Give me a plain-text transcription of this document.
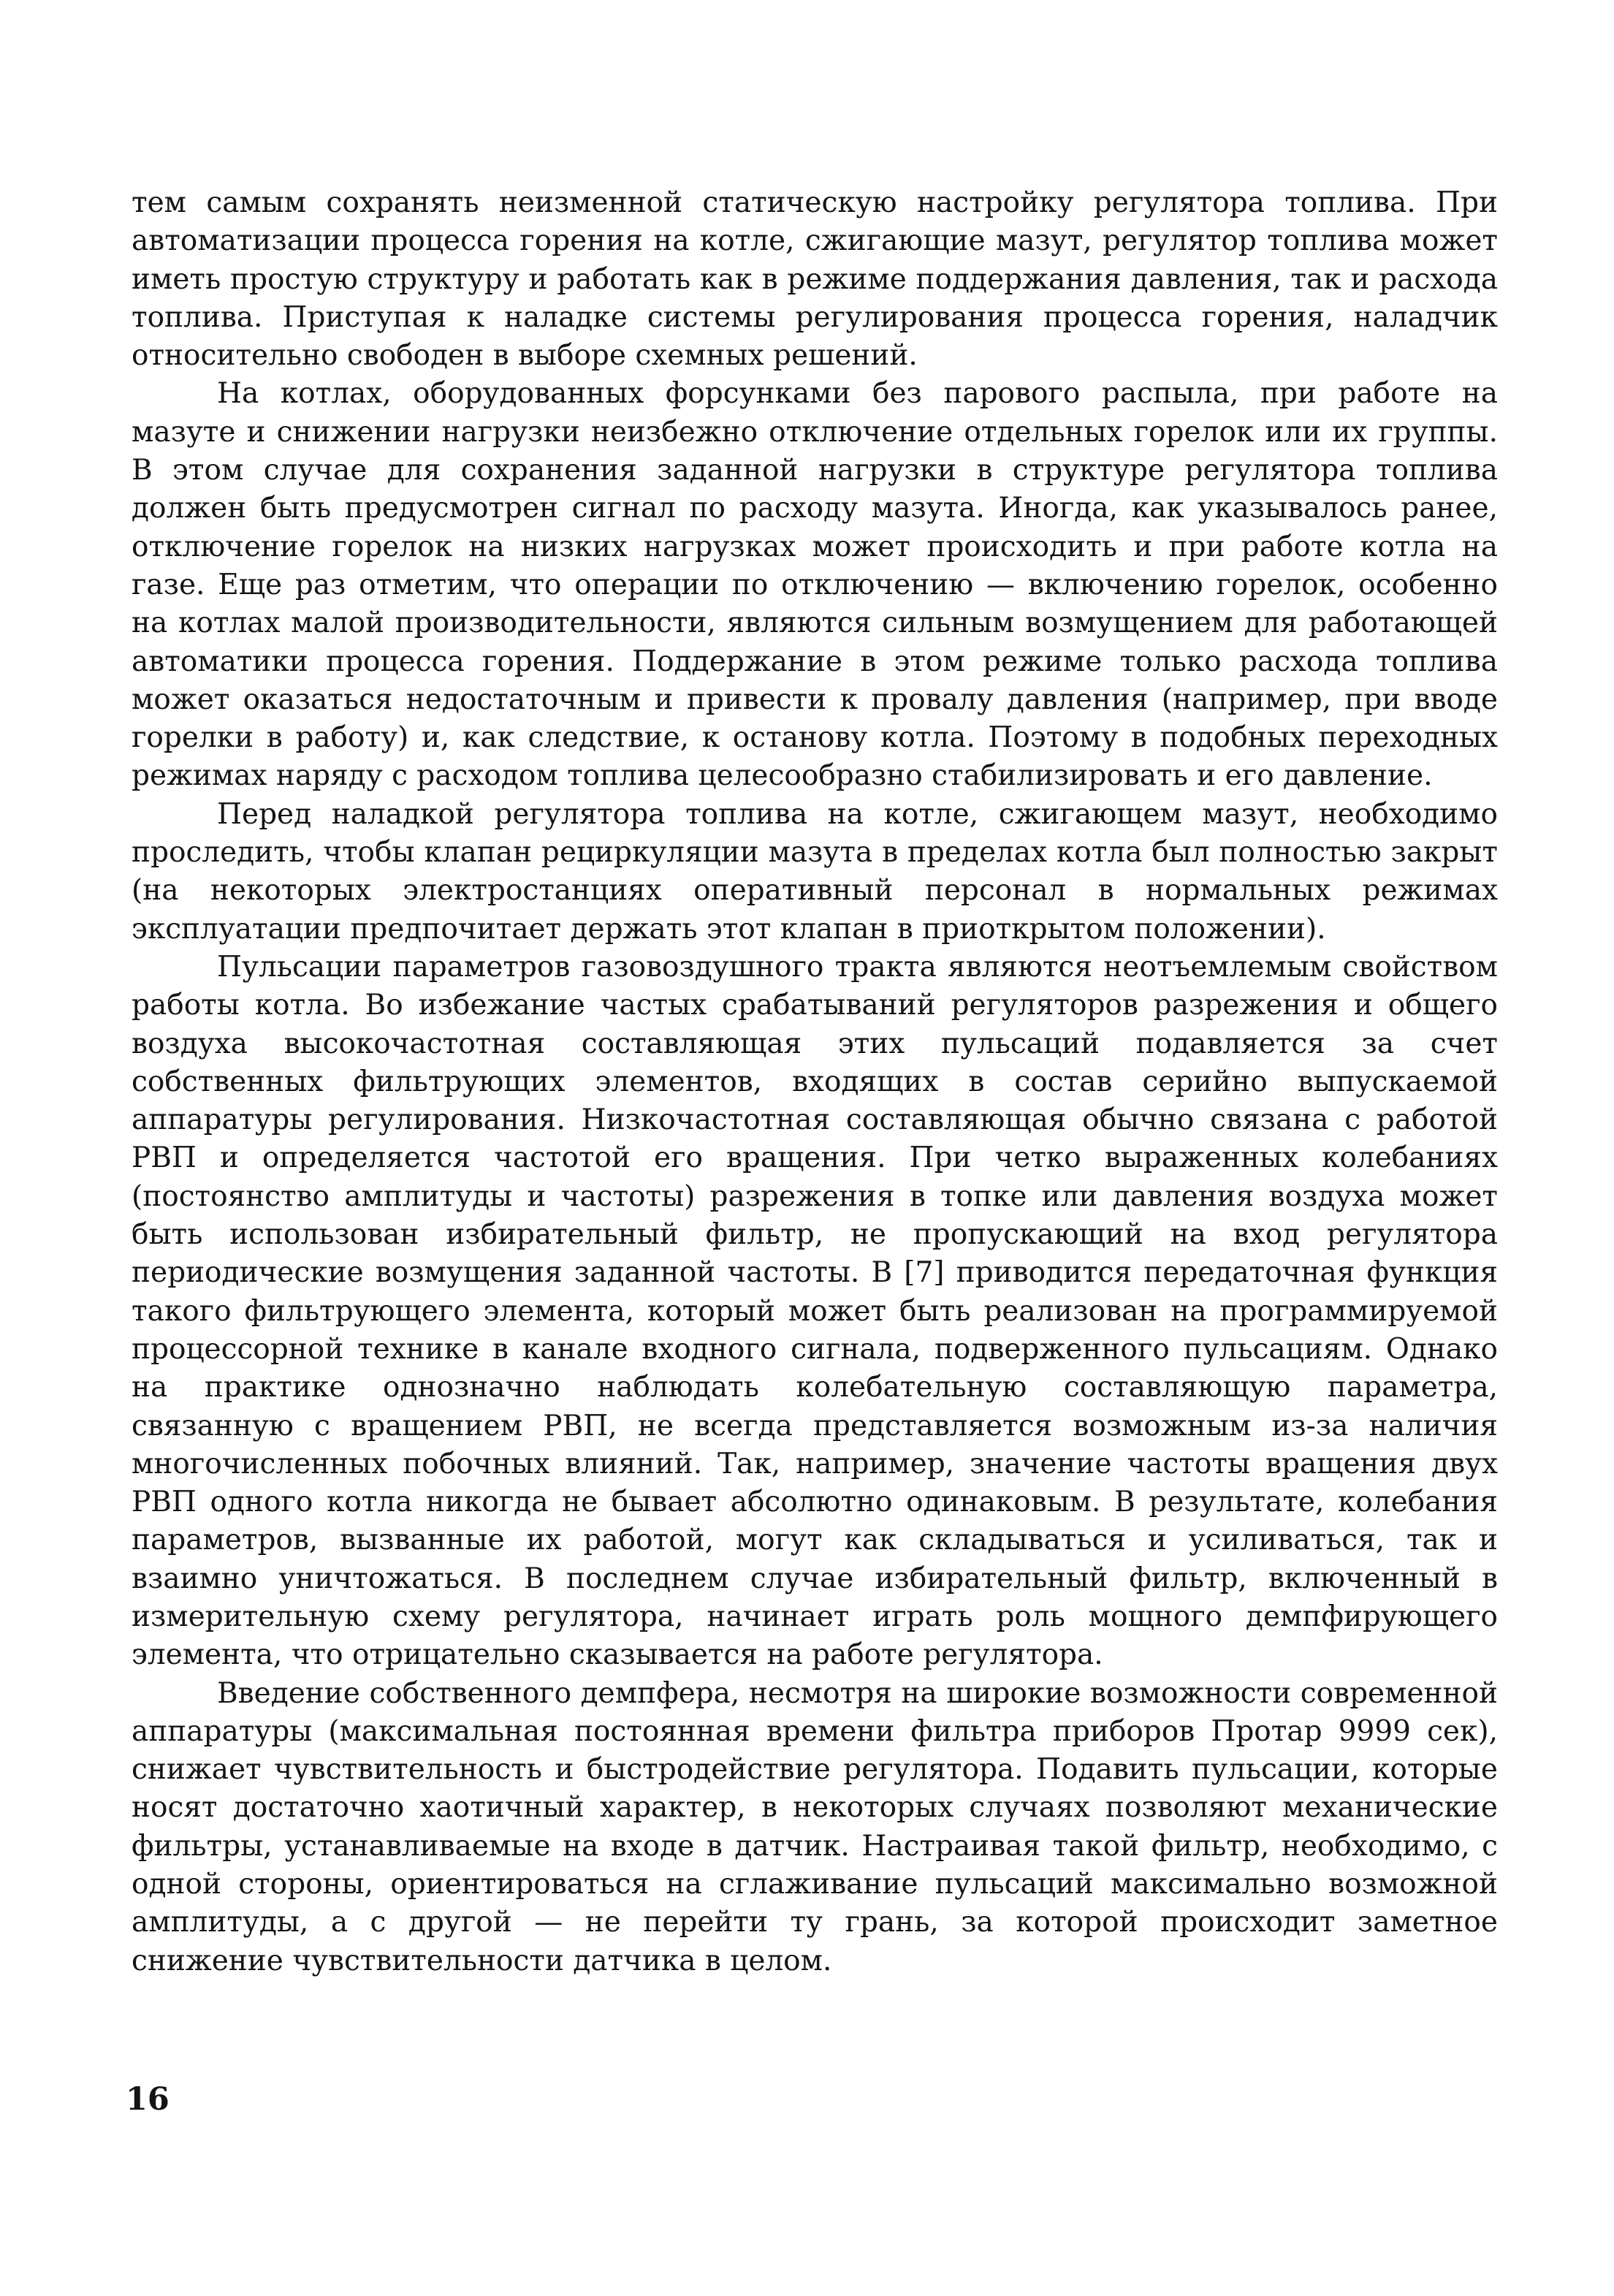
тем самым сохранять неизменной статическую настройку регулятора топлива. При автоматизации процесса горения на котле, сжигающие мазут, регулятор топлива может иметь простую структуру и работать как в режиме поддержания давления, так и расхода топлива. Приступая к наладке системы регулирования процесса горения, наладчик относительно свободен в выборе схемных решений.

На котлах, оборудованных форсунками без парового распыла, при работе на мазуте и снижении нагрузки неизбежно отключение отдельных горелок или их группы. В этом случае для сохранения заданной нагрузки в структуре регулятора топлива должен быть предусмотрен сигнал по расходу мазута. Иногда, как указывалось ранее, отключение горелок на низких нагрузках может происходить и при работе котла на газе. Еще раз отметим, что операции по отключению — включению горелок, особенно на котлах малой производительности, являются сильным возмущением для работающей автоматики процесса горения. Поддержание в этом режиме только расхода топлива может оказаться недостаточным и привести к провалу давления (например, при вводе горелки в работу) и, как следствие, к останову котла. Поэтому в подобных переходных режимах наряду с расходом топлива целесообразно стабилизировать и его давление.

Перед наладкой регулятора топлива на котле, сжигающем мазут, необходимо проследить, чтобы клапан рециркуляции мазута в пределах котла был полностью закрыт (на некоторых электростанциях оперативный персонал в нормальных режимах эксплуатации предпочитает держать этот клапан в приоткрытом положении).

Пульсации параметров газовоздушного тракта являются неотъемлемым свойством работы котла. Во избежание частых срабатываний регуляторов разрежения и общего воздуха высокочастотная составляющая этих пульсаций подавляется за счет собственных фильтрующих элементов, входящих в состав серийно выпускаемой аппаратуры регулирования. Низкочастотная составляющая обычно связана с работой РВП и определяется частотой его вращения. При четко выраженных колебаниях (постоянство амплитуды и частоты) разрежения в топке или давления воздуха может быть использован избирательный фильтр, не пропускающий на вход регулятора периодические возмущения заданной частоты. В [7] приводится передаточная функция такого фильтрующего элемента, который может быть реализован на программируемой процессорной технике в канале входного сигнала, подверженного пульсациям. Однако на практике однозначно наблюдать колебательную составляющую параметра, связанную с вращением РВП, не всегда представляется возможным из-за наличия многочисленных побочных влияний. Так, например, значение частоты вращения двух РВП одного котла никогда не бывает абсолютно одинаковым. В результате, колебания параметров, вызванные их работой, могут как складываться и усиливаться, так и взаимно уничтожаться. В последнем случае избирательный фильтр, включенный в измерительную схему регулятора, начинает играть роль мощного демпфирующего элемента, что отрицательно сказывается на работе регулятора.

Введение собственного демпфера, несмотря на широкие возможности современной аппаратуры (максимальная постоянная времени фильтра приборов Протар 9999 сек), снижает чувствительность и быстродействие регулятора. Подавить пульсации, которые носят достаточно хаотичный характер, в некоторых случаях позволяют механические фильтры, устанавливаемые на входе в датчик. Настраивая такой фильтр, необходимо, с одной стороны, ориентироваться на сглаживание пульсаций максимально возможной амплитуды, а с другой — не перейти ту грань, за которой происходит заметное снижение чувствительности датчика в целом.

16
